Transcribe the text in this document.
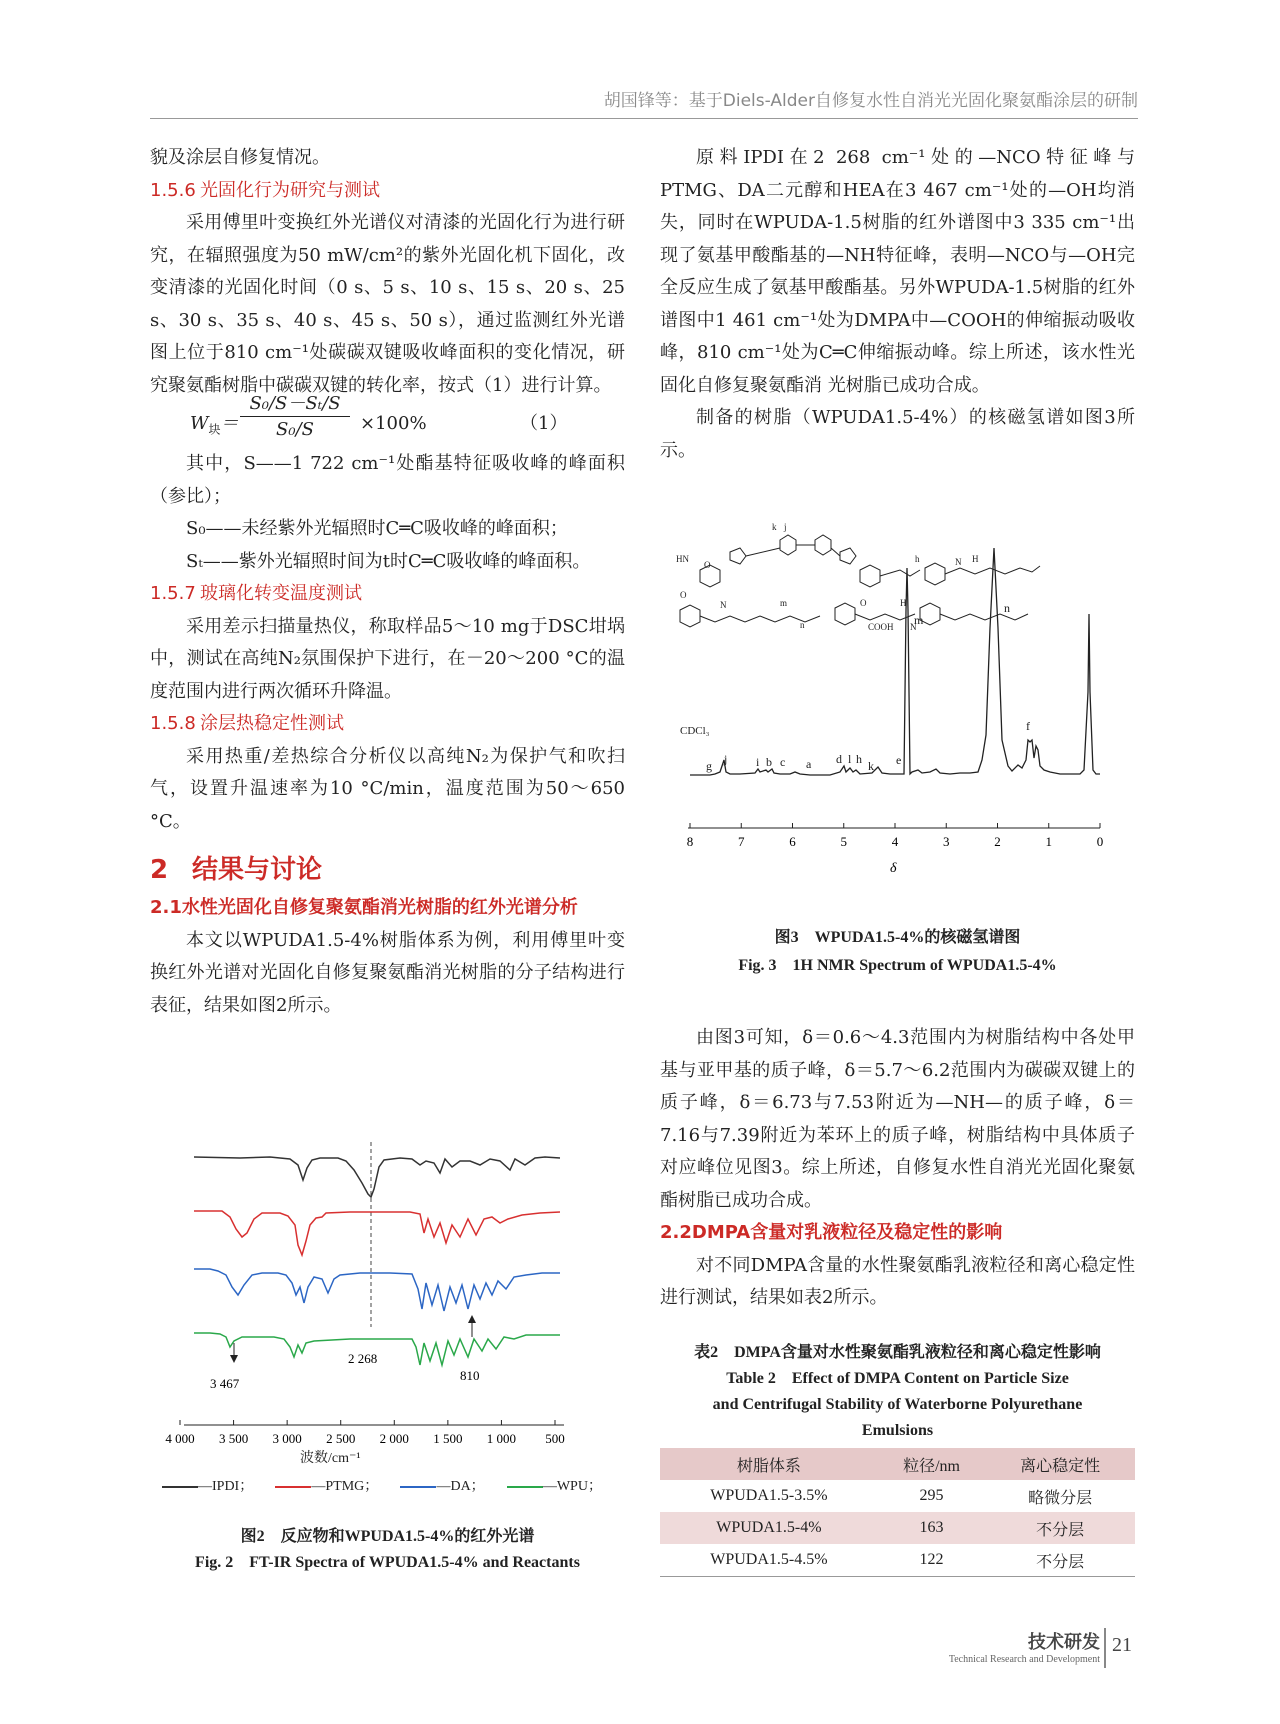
胡国锋等：基于Diels-Alder自修复水性自消光光固化聚氨酯涂层的研制

貌及涂层自修复情况。

1.5.6 光固化行为研究与测试

采用傅里叶变换红外光谱仪对清漆的光固化行为进行研究，在辐照强度为50 mW/cm²的紫外光固化机下固化，改变清漆的光固化时间（0 s、5 s、10 s、15 s、20 s、25 s、30 s、35 s、40 s、45 s、50 s），通过监测红外光谱图上位于810 cm⁻¹处碳碳双键吸收峰面积的变化情况，研究聚氨酯树脂中碳碳双键的转化率，按式（1）进行计算。

$W_块=$
S₀/S－Sₜ/S
S₀/S	×100%	（1）

其中，S——1 722 cm⁻¹处酯基特征吸收峰的峰面积（参比）；

S₀——未经紫外光辐照时C═C吸收峰的峰面积；

Sₜ——紫外光辐照时间为t时C═C吸收峰的峰面积。

1.5.7 玻璃化转变温度测试

采用差示扫描量热仪，称取样品5～10 mg于DSC坩埚中，测试在高纯N₂氛围保护下进行，在－20～200 °C的温度范围内进行两次循环升降温。

1.5.8 涂层热稳定性测试

采用热重/差热综合分析仪以高纯N₂为保护气和吹扫气，设置升温速率为10 °C/min，温度范围为50～650 °C。

2 结果与讨论
2.1水性光固化自修复聚氨酯消光树脂的红外光谱分析

本文以WPUDA1.5-4%树脂体系为例，利用傅里叶变换红外光谱对光固化自修复聚氨酯消光树脂的分子结构进行表征，结果如图2所示。

4 000 3 500 3 000 2 500 2 000 1 500 1 000 500
3 467
2 268
810
波数/cm⁻¹
—IPDI；	—PTMG；	—DA；	—WPU；
图2　反应物和WPUDA1.5-4%的红外光谱
Fig. 2　FT-IR Spectra of WPUDA1.5-4% and Reactants

原料IPDI在2 268 cm⁻¹处的—NCO特征峰与PTMG、DA二元醇和HEA在3 467 cm⁻¹处的—OH均消失，同时在WPUDA-1.5树脂的红外谱图中3 335 cm⁻¹出现了氨基甲酸酯基的—NH特征峰，表明—NCO与—OH完全反应生成了氨基甲酸酯基。另外WPUDA-1.5树脂的红外谱图中1 461 cm⁻¹处为DMPA中—COOH的伸缩振动吸收峰，810 cm⁻¹处为C═C伸缩振动峰。综上所述，该水性光固化自修复聚氨酯消 光树脂已成功合成。

制备的树脂（WPUDA1.5-4%）的核磁氢谱如图3所示。

HN
O
k j
h	N H
O
N	m
n
O
COOH
H
N
8	7	6	5	4	3	2	1	0
CDCl₃
g j i b c a d l h k e
m
n
f
δ
图3　WPUDA1.5-4%的核磁氢谱图
Fig. 3　1H NMR Spectrum of WPUDA1.5-4%

由图3可知，δ＝0.6～4.3范围内为树脂结构中各处甲基与亚甲基的质子峰，δ＝5.7～6.2范围内为碳碳双键上的质子峰，δ＝6.73与7.53附近为—NH—的质子峰，δ＝7.16与7.39附近为苯环上的质子峰，树脂结构中具体质子对应峰位见图3。综上所述，自修复水性自消光光固化聚氨酯树脂已成功合成。

2.2DMPA含量对乳液粒径及稳定性的影响

对不同DMPA含量的水性聚氨酯乳液粒径和离心稳定性进行测试，结果如表2所示。

表2　DMPA含量对水性聚氨酯乳液粒径和离心稳定性影响
Table 2　Effect of DMPA Content on Particle Size
and Centrifugal Stability of Waterborne Polyurethane
Emulsions
树脂体系	粒径/nm	离心稳定性
WPUDA1.5-3.5%	295	略微分层
WPUDA1.5-4%	163	不分层
WPUDA1.5-4.5%	122	不分层
技术研发
Technical Research and Development
21
